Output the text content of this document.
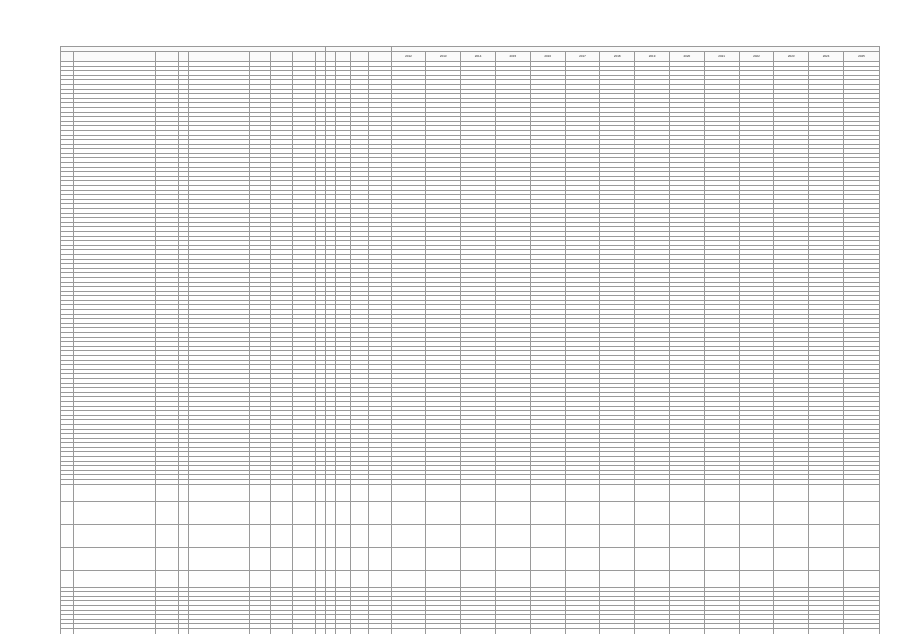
													2012	2013	2014	2015	2016	2017	2018	2019	2020	2021	2022	2023	2024	2025
